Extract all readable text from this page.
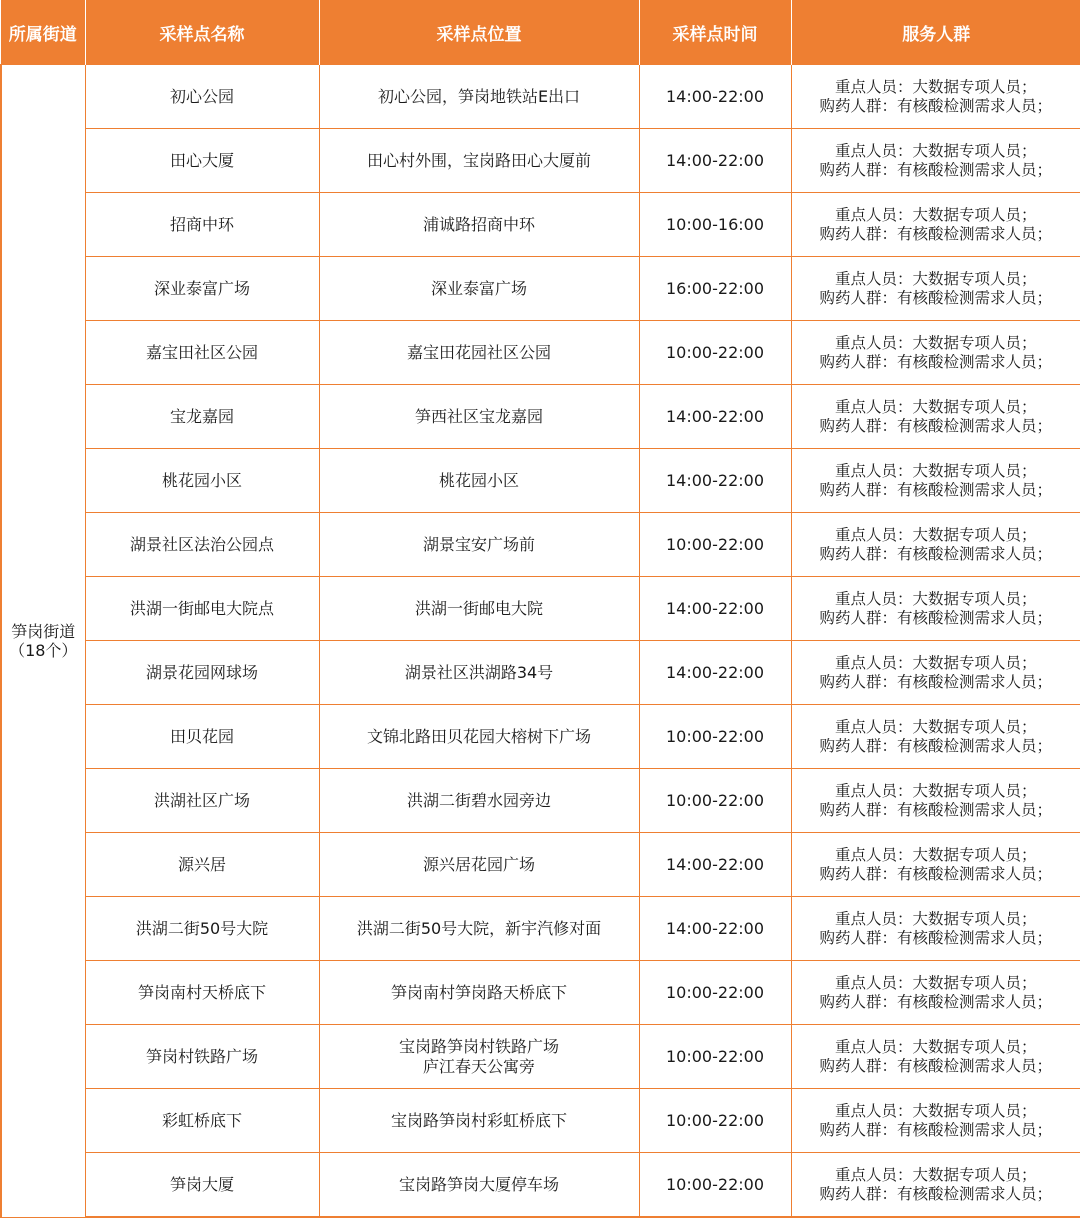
所属街道	采样点名称	采样点位置	采样点时间	服务人群

笋岗街道
（18个）	初心公园	初心公园，笋岗地铁站E出口	14:00-22:00	重点人员：大数据专项人员；
购药人群：有核酸检测需求人员；

	田心大厦	田心村外围，宝岗路田心大厦前	14:00-22:00	重点人员：大数据专项人员；
购药人群：有核酸检测需求人员；

	招商中环	浦诚路招商中环	10:00-16:00	重点人员：大数据专项人员；
购药人群：有核酸检测需求人员；

	深业泰富广场	深业泰富广场	16:00-22:00	重点人员：大数据专项人员；
购药人群：有核酸检测需求人员；

	嘉宝田社区公园	嘉宝田花园社区公园	10:00-22:00	重点人员：大数据专项人员；
购药人群：有核酸检测需求人员；

	宝龙嘉园	笋西社区宝龙嘉园	14:00-22:00	重点人员：大数据专项人员；
购药人群：有核酸检测需求人员；

	桃花园小区	桃花园小区	14:00-22:00	重点人员：大数据专项人员；
购药人群：有核酸检测需求人员；

	湖景社区法治公园点	湖景宝安广场前	10:00-22:00	重点人员：大数据专项人员；
购药人群：有核酸检测需求人员；

	洪湖一街邮电大院点	洪湖一街邮电大院	14:00-22:00	重点人员：大数据专项人员；
购药人群：有核酸检测需求人员；

	湖景花园网球场	湖景社区洪湖路34号	14:00-22:00	重点人员：大数据专项人员；
购药人群：有核酸检测需求人员；

	田贝花园	文锦北路田贝花园大榕树下广场	10:00-22:00	重点人员：大数据专项人员；
购药人群：有核酸检测需求人员；

	洪湖社区广场	洪湖二街碧水园旁边	10:00-22:00	重点人员：大数据专项人员；
购药人群：有核酸检测需求人员；

	源兴居	源兴居花园广场	14:00-22:00	重点人员：大数据专项人员；
购药人群：有核酸检测需求人员；

	洪湖二街50号大院	洪湖二街50号大院，新宇汽修对面	14:00-22:00	重点人员：大数据专项人员；
购药人群：有核酸检测需求人员；

	笋岗南村天桥底下	笋岗南村笋岗路天桥底下	10:00-22:00	重点人员：大数据专项人员；
购药人群：有核酸检测需求人员；

	笋岗村铁路广场	宝岗路笋岗村铁路广场
庐江春天公寓旁	10:00-22:00	重点人员：大数据专项人员；
购药人群：有核酸检测需求人员；

	彩虹桥底下	宝岗路笋岗村彩虹桥底下	10:00-22:00	重点人员：大数据专项人员；
购药人群：有核酸检测需求人员；

	笋岗大厦	宝岗路笋岗大厦停车场	10:00-22:00	重点人员：大数据专项人员；
购药人群：有核酸检测需求人员；
